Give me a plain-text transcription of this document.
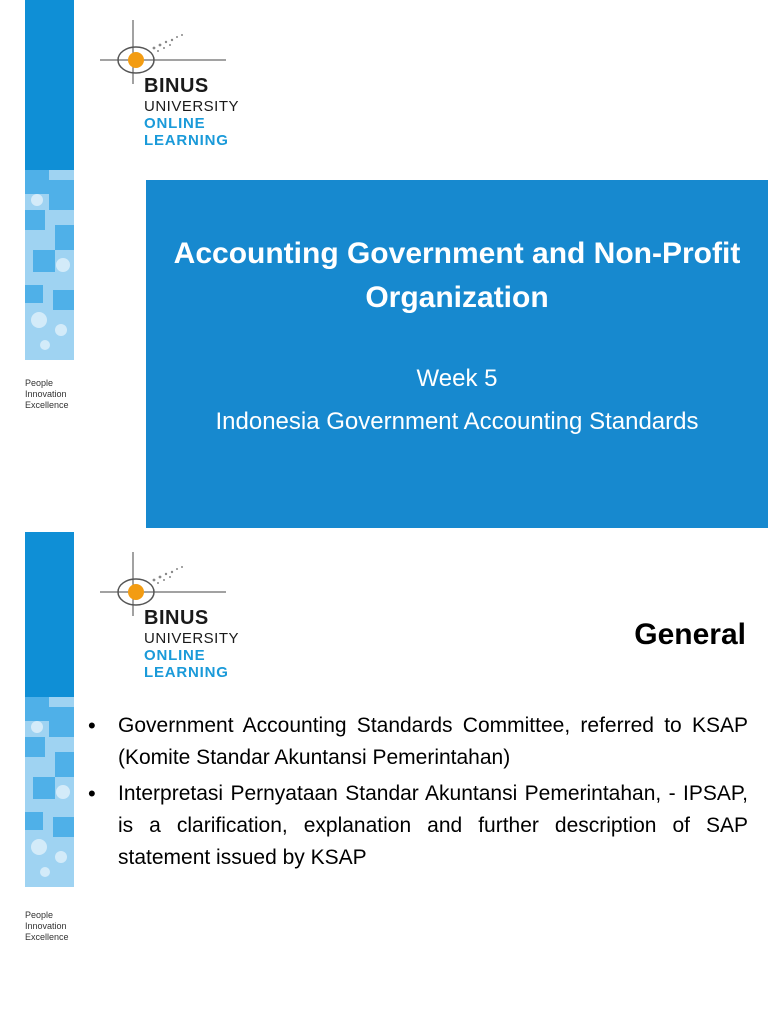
BINUS
UNIVERSITY
ONLINE
LEARNING
People
Innovation
Excellence
Accounting Government and Non-Profit Organization
Week 5
Indonesia Government Accounting Standards
BINUS
UNIVERSITY
ONLINE
LEARNING
General
• Government Accounting Standards Committee, referred to KSAP (Komite Standar Akuntansi Pemerintahan)
• Interpretasi Pernyataan Standar Akuntansi Pemerintahan, - IPSAP, is a clarification, explanation and further description of SAP statement issued by KSAP
People
Innovation
Excellence
